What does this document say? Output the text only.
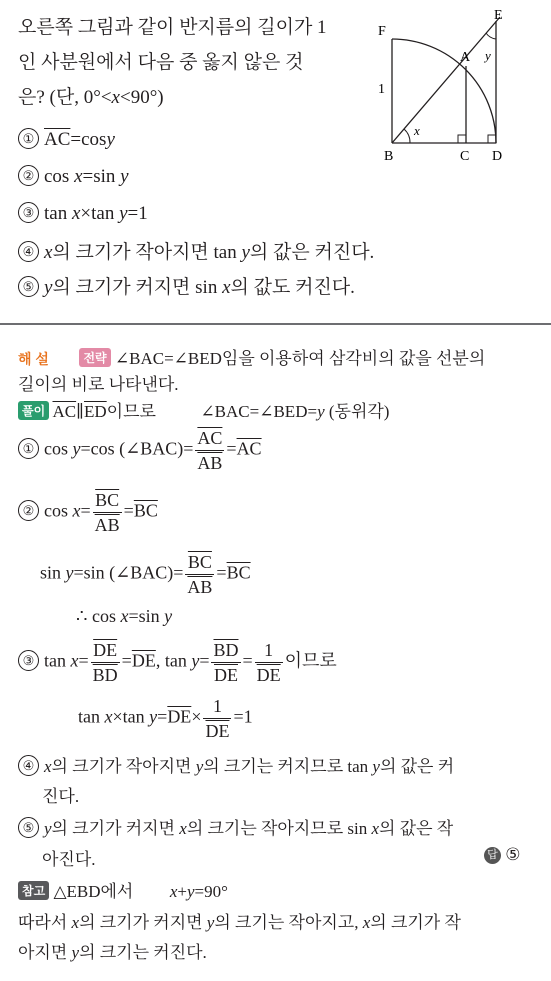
오른쪽 그림과 같이 반지름의 길이가 1
인 사분원에서 다음 중 옳지 않은 것
은? (단, 0°<x<90°)
① $\overline{AC}=\cos y$
② cos x=sin y
③ tan x×tan y=1
④ x의 크기가 작아지면 tan y의 값은 커진다.
⑤ y의 크기가 커지면 sin x의 값도 커진다.
F
E
A y
1
x
B	C D
해 설	전략 ∠BAC=∠BED임을 이용하여 삼각비의 값을 선분의
길이의 비로 나타낸다.
풀이 $\overline{AC}\parallel\overline{ED}$이므로	∠BAC=∠BED=y (동위각)
① cos y=cos (∠BAC)= $\frac{\overline{AC}}{AB} =\overline{AC}$
② $\cos x= \frac{\overline{BC}}{AB} =\overline{BC}$
sin y=sin (∠BAC)= $\frac{\overline{BC}}{AB} =\overline{BC}$
∴ cos x=sin y
③ $\tan x= \frac{\overline{DE}}{BD} =\overline{DE}$, $\tan y= \frac{\overline{BD}}{DE} = \frac{1}{DE}$ 이므로
tan x×tan $y=\overline{DE}\times \frac{1}{DE} =1$
④ x의 크기가 작아지면 y의 크기는 커지므로 tan y의 값은 커
진다.
⑤ y의 크기가 커지면 x의 크기는 작아지므로 sin x의 값은 작
아진다.	답 ⑤
참고 △EBD에서 x+y=90°
따라서 x의 크기가 커지면 y의 크기는 작아지고, x의 크기가 작
아지면 y의 크기는 커진다.
